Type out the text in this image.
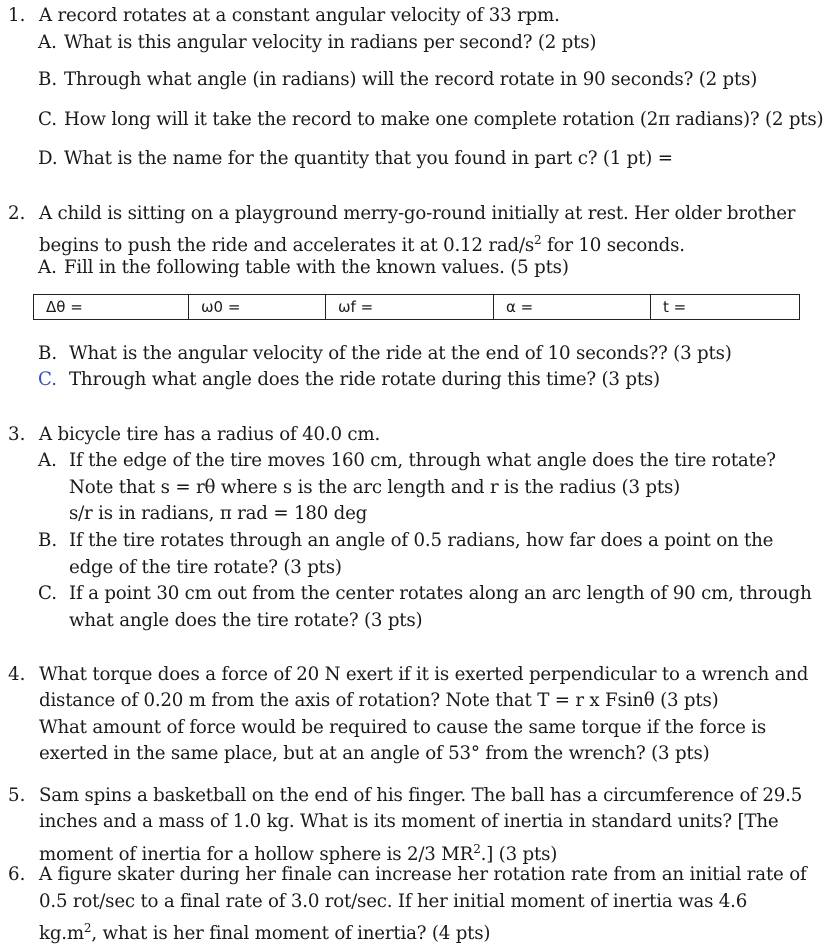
1. A record rotates at a constant angular velocity of 33 rpm.
A. What is this angular velocity in radians per second? (2 pts)
B. Through what angle (in radians) will the record rotate in 90 seconds? (2 pts)
C. How long will it take the record to make one complete rotation (2π radians)? (2 pts)
D. What is the name for the quantity that you found in part c? (1 pt) =
2. A child is sitting on a playground merry-go-round initially at rest. Her older brother
begins to push the ride and accelerates it at 0.12 rad/$s^2$ for 10 seconds.
A. Fill in the following table with the known values. (5 pts)
Δθ =	ω0 =	ωf =	α =	t =
B. What is the angular velocity of the ride at the end of 10 seconds?? (3 pts)
C. Through what angle does the ride rotate during this time? (3 pts)
3. A bicycle tire has a radius of 40.0 cm.
A. If the edge of the tire moves 160 cm, through what angle does the tire rotate?
Note that s = rθ where s is the arc length and r is the radius (3 pts)
s/r is in radians, π rad = 180 deg
B. If the tire rotates through an angle of 0.5 radians, how far does a point on the
edge of the tire rotate? (3 pts)
C. If a point 30 cm out from the center rotates along an arc length of 90 cm, through
what angle does the tire rotate? (3 pts)
4. What torque does a force of 20 N exert if it is exerted perpendicular to a wrench and
distance of 0.20 m from the axis of rotation? Note that T = r x Fsinθ (3 pts)
What amount of force would be required to cause the same torque if the force is
exerted in the same place, but at an angle of 53° from the wrench? (3 pts)
5. Sam spins a basketball on the end of his finger. The ball has a circumference of 29.5
inches and a mass of 1.0 kg. What is its moment of inertia in standard units? [The
moment of inertia for a hollow sphere is 2/3 $MR^2$.] (3 pts)
6. A figure skater during her finale can increase her rotation rate from an initial rate of
0.5 rot/sec to a final rate of 3.0 rot/sec. If her initial moment of inertia was 4.6
$kg.m^2$, what is her final moment of inertia? (4 pts)
